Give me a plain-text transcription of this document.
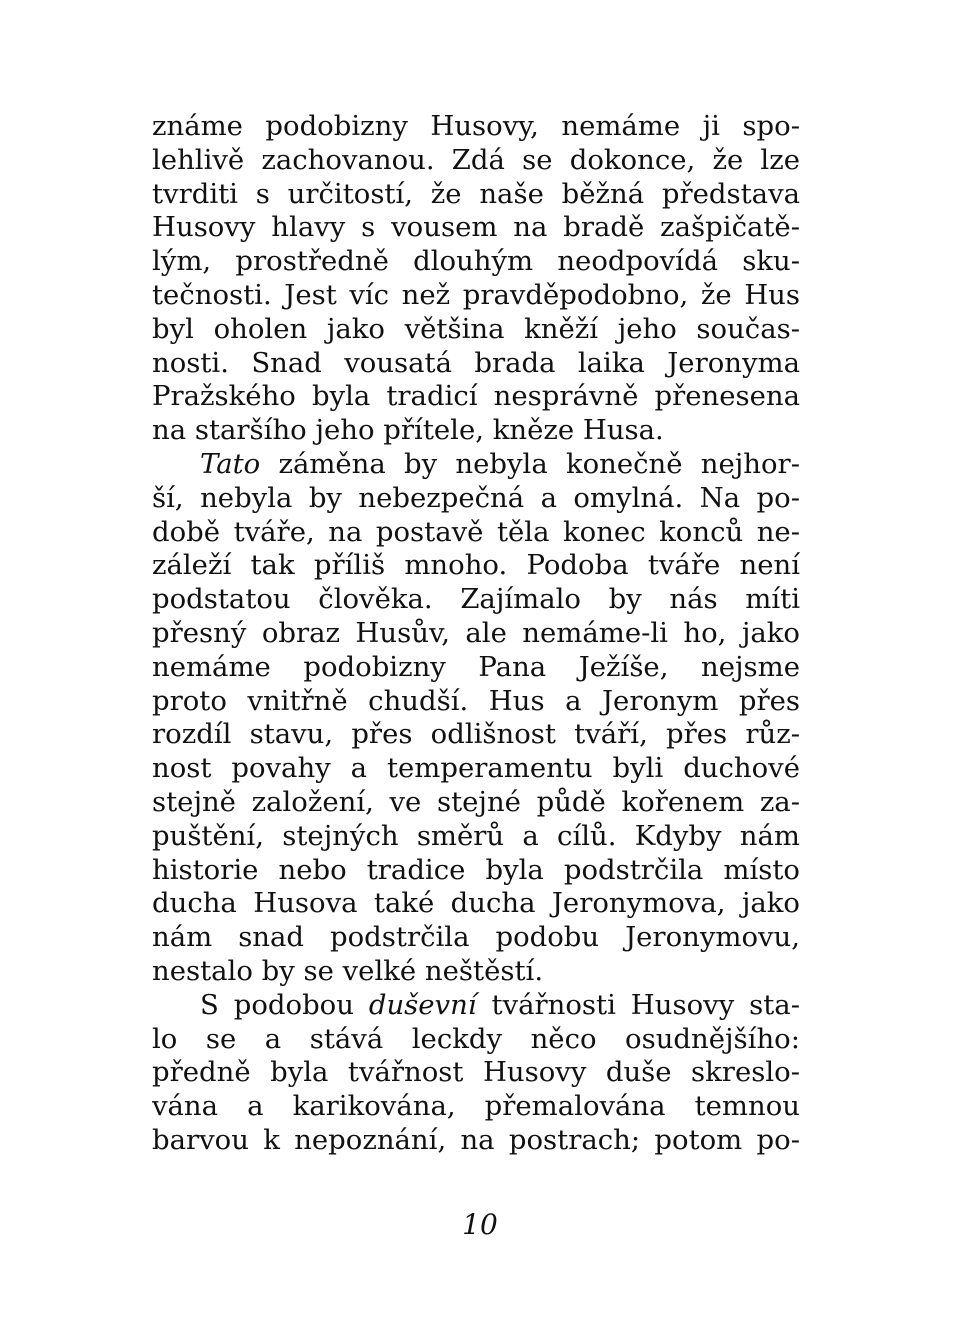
známe podobizny Husovy, nemáme ji spo-
lehlivě zachovanou. Zdá se dokonce, že lze
tvrditi s určitostí, že naše běžná představa
Husovy hlavy s vousem na bradě zašpičatě-
lým, prostředně dlouhým neodpovídá sku-
tečnosti. Jest víc než pravděpodobno, že Hus
byl oholen jako většina kněží jeho součas-
nosti. Snad vousatá brada laika Jeronyma
Pražského byla tradicí nesprávně přenesena
na staršího jeho přítele, kněze Husa.
Tato záměna by nebyla konečně nejhor-
ší, nebyla by nebezpečná a omylná. Na po-
době tváře, na postavě těla konec konců ne-
záleží tak příliš mnoho. Podoba tváře není
podstatou člověka. Zajímalo by nás míti
přesný obraz Husův, ale nemáme-li ho, jako
nemáme podobizny Pana Ježíše, nejsme
proto vnitřně chudší. Hus a Jeronym přes
rozdíl stavu, přes odlišnost tváří, přes růz-
nost povahy a temperamentu byli duchové
stejně založení, ve stejné půdě kořenem za-
puštění, stejných směrů a cílů. Kdyby nám
historie nebo tradice byla podstrčila místo
ducha Husova také ducha Jeronymova, jako
nám snad podstrčila podobu Jeronymovu,
nestalo by se velké neštěstí.
S podobou duševní tvářnosti Husovy sta-
lo se a stává leckdy něco osudnějšího:
předně byla tvářnost Husovy duše skreslo-
vána a karikována, přemalována temnou
barvou k nepoznání, na postrach; potom po-
10
